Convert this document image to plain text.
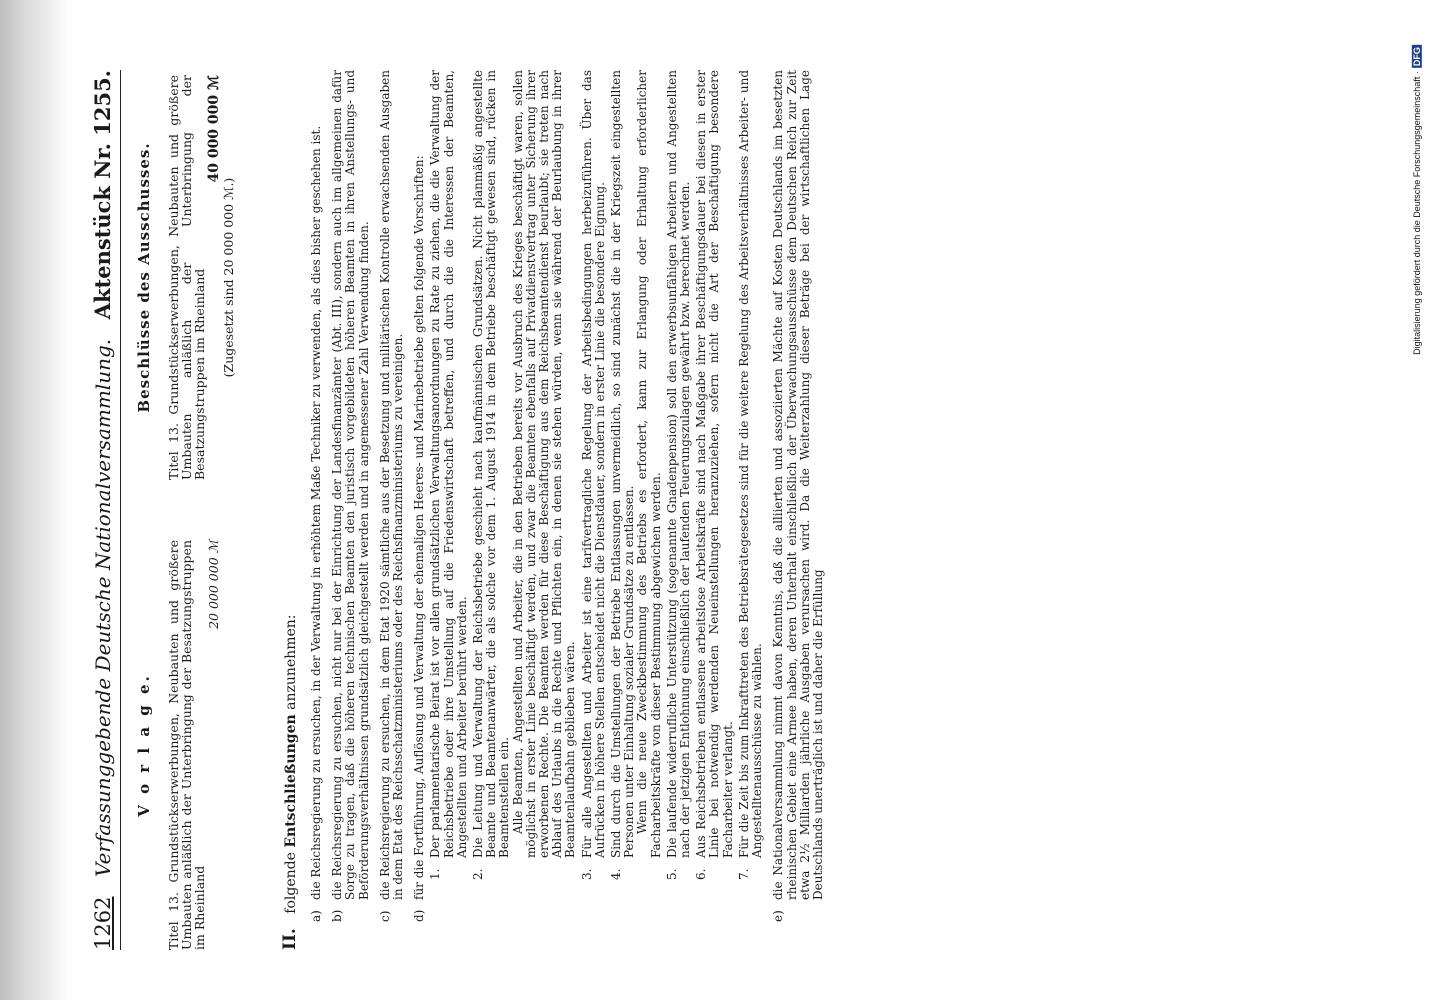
1262
Verfassunggebende Deutsche Nationalversammlung.
Aktenstück Nr. 1255.
V o r l a g e. Titel 13. Grundstückserwerbungen, Neubauten und größere Umbauten anläßlich der Unterbringung der Besatzungstruppen im Rheinland
20 000 000 ℳ
Beschlüsse des Ausschusses. Titel 13. Grundstückserwerbungen, Neubauten und größere Umbauten anläßlich der Unterbringung der Besatzungstruppen im Rheinland
40 000 000 ℳ
(Zugesetzt sind 20 000 000 ℳ.)
II. folgende Entschließungen anzunehmen:
a)
die Reichsregierung zu ersuchen, in der Verwaltung in erhöhtem Maße Techniker zu verwenden, als dies bisher geschehen ist.
b)
die Reichsregierung zu ersuchen, nicht nur bei der Einrichtung der Landesfinanzämter (Abt. III), sondern auch im allgemeinen dafür Sorge zu tragen, daß die höheren technischen Beamten den juristisch vorgebildeten höheren Beamten in ihren Anstellungs- und Beförderungsverhältnissen grundsätzlich gleichgestellt werden und in angemessener Zahl Verwendung finden.
c)
die Reichsregierung zu ersuchen, in dem Etat 1920 sämtliche aus der Besetzung und militärischen Kontrolle erwachsenden Ausgaben in dem Etat des Reichsschatzministeriums oder des Reichsfinanzministeriums zu vereinigen.
d)
für die Fortführung, Auflösung und Verwaltung der ehemaligen Heeres- und Marinebetriebe gelten folgende Vorschriften: 1.
Der parlamentarische Beirat ist vor allen grundsätzlichen Verwaltungsanordnungen zu Rate zu ziehen, die die Verwaltung der Reichsbetriebe oder ihre Umstellung auf die Friedenswirtschaft betreffen, und durch die die Interessen der Beamten, Angestellten und Arbeiter berührt werden.
2.
Die Leitung und Verwaltung der Reichsbetriebe geschieht nach kaufmännischen Grundsätzen. Nicht planmäßig angestellte Beamte und Beamtenanwärter, die als solche vor dem 1. August 1914 in dem Betriebe beschäftigt gewesen sind, rücken in Beamtenstellen ein. Alle Beamten, Angestellten und Arbeiter, die in den Betrieben bereits vor Ausbruch des Krieges beschäftigt waren, sollen möglichst in erster Linie beschäftigt werden, und zwar die Beamten ebenfalls auf Privatdienstvertrag unter Sicherung ihrer erworbenen Rechte. Die Beamten werden für diese Beschäftigung aus dem Reichsbeamtendienst beurlaubt; sie treten nach Ablauf des Urlaubs in die Rechte und Pflichten ein, in denen sie stehen würden, wenn sie während der Beurlaubung in ihrer Beamtenlaufbahn geblieben wären.
3.
Für alle Angestellten und Arbeiter ist eine tarifvertragliche Regelung der Arbeitsbedingungen herbeizuführen. Über das Aufrücken in höhere Stellen entscheidet nicht die Dienstdauer, sondern in erster Linie die besondere Eignung.
4.
Sind durch die Umstellungen der Betriebe Entlassungen unvermeidlich, so sind zunächst die in der Kriegszeit eingestellten Personen unter Einhaltung sozialer Grundsätze zu entlassen. Wenn die neue Zweckbestimmung des Betriebs es erfordert, kann zur Erlangung oder Erhaltung erforderlicher Facharbeitskräfte von dieser Bestimmung abgewichen werden.
5.
Die laufende widerrufliche Unterstützung (sogenannte Gnadenpension) soll den erwerbsunfähigen Arbeitern und Angestellten nach der jetzigen Entlohnung einschließlich der laufenden Teuerungszulagen gewährt bzw. berechnet werden.
6.
Aus Reichsbetrieben entlassene arbeitslose Arbeitskräfte sind nach Maßgabe ihrer Beschäftigungsdauer bei diesen in erster Linie bei notwendig werdenden Neueinstellungen heranzuziehen, sofern nicht die Art der Beschäftigung besondere Facharbeiter verlangt.
7.
Für die Zeit bis zum Inkrafttreten des Betriebsrätegesetzes sind für die weitere Regelung des Arbeitsverhältnisses Arbeiter- und Angestelltenausschüsse zu wählen.
e)
die Nationalversammlung nimmt davon Kenntnis, daß die alliierten und assoziierten Mächte auf Kosten Deutschlands im besetzten rheinischen Gebiet eine Armee haben, deren Unterhalt einschließlich der Überwachungsausschüsse dem Deutschen Reich zur Zeit etwa 2½ Milliarden jährliche Ausgaben verursachen wird. Da die Weiterzahlung dieser Beträge bei der wirtschaftlichen Lage Deutschlands unerträglich ist und daher die Erfüllung
Digitalisierung gefördert durch die Deutsche Forschungsgemeinschaft ·DFG
